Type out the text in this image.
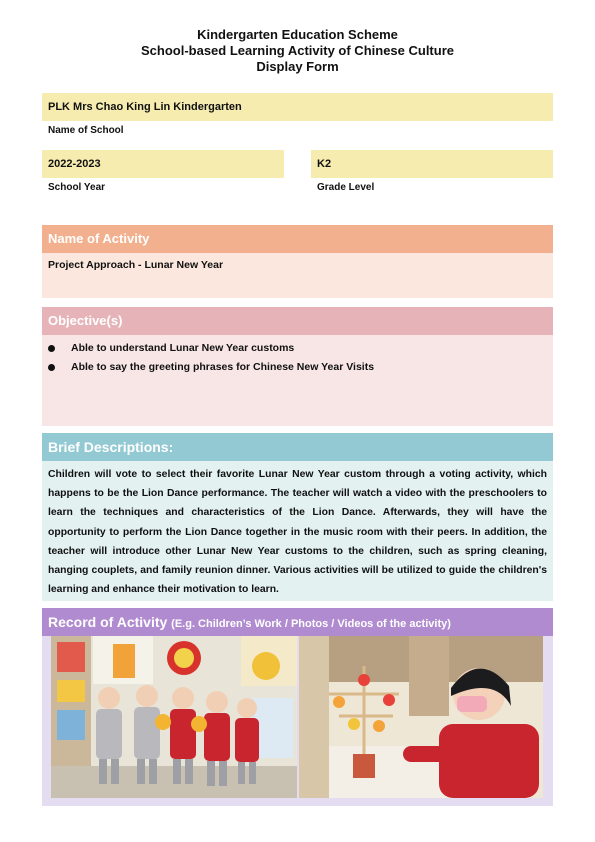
Kindergarten Education Scheme
School-based Learning Activity of Chinese Culture
Display Form
PLK Mrs Chao King Lin Kindergarten
Name of School
2022-2023
School Year
K2
Grade Level
Name of Activity
Project Approach - Lunar New Year
Objective(s)
Able to understand Lunar New Year customs
Able to say the greeting phrases for Chinese New Year Visits
Brief Descriptions:

Children will vote to select their favorite Lunar New Year custom through a voting activity, which happens to be the Lion Dance performance. The teacher will watch a video with the preschoolers to learn the techniques and characteristics of the Lion Dance. Afterwards, they will have the opportunity to perform the Lion Dance together in the music room with their peers. In addition, the teacher will introduce other Lunar New Year customs to the children, such as spring cleaning, hanging couplets, and family reunion dinner. Various activities will be utilized to guide the children's learning and enhance their motivation to learn.

Record of Activity (E.g. Children’s Work / Photos / Videos of the activity)
